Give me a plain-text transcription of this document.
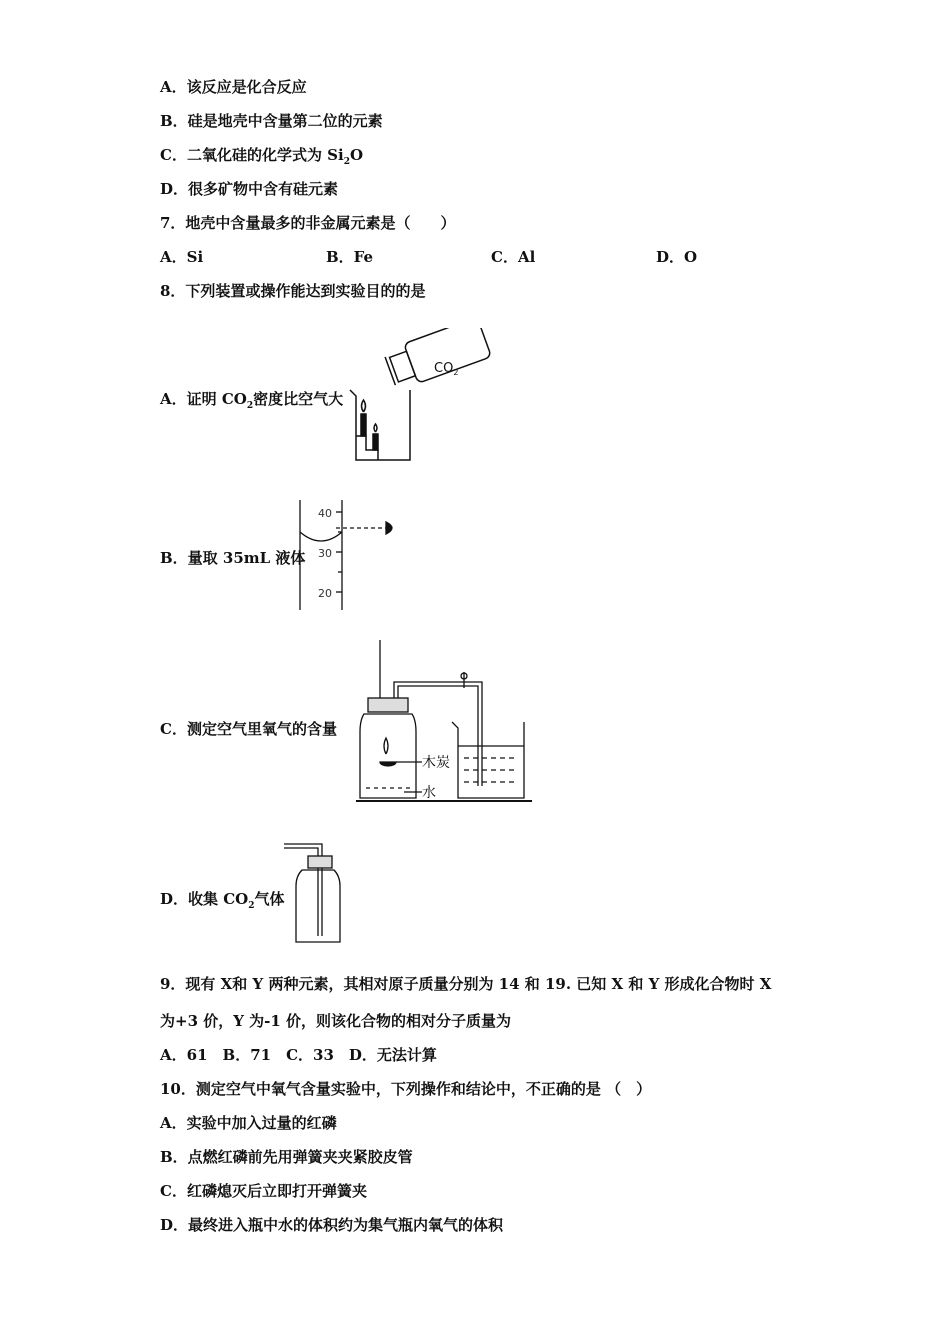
A．该反应是化合反应
B．硅是地壳中含量第二位的元素
C．二氧化硅的化学式为 $Si_2O$
D．很多矿物中含有硅元素
7．地壳中含量最多的非金属元素是（　　）
A．Si	B．Fe	C．Al	D．O
8．下列装置或操作能达到实验目的的是
A．证明 $CO_2$密度比空气大
$CO_2$
B．量取 35mL 液体
40
30
20
C．测定空气里氧气的含量
木炭
水
D．收集 $CO_2$气体
9．现有 X和 Y 两种元素，其相对原子质量分别为 14 和 19. 已知 X 和 Y 形成化合物时 X
为+3 价，Y 为-1 价，则该化合物的相对分子质量为
A．61　B．71　C．33　D．无法计算
10．测定空气中氧气含量实验中，下列操作和结论中，不正确的是 （　）
A．实验中加入过量的红磷
B．点燃红磷前先用弹簧夹夹紧胶皮管
C．红磷熄灭后立即打开弹簧夹
D．最终进入瓶中水的体积约为集气瓶内氧气的体积
